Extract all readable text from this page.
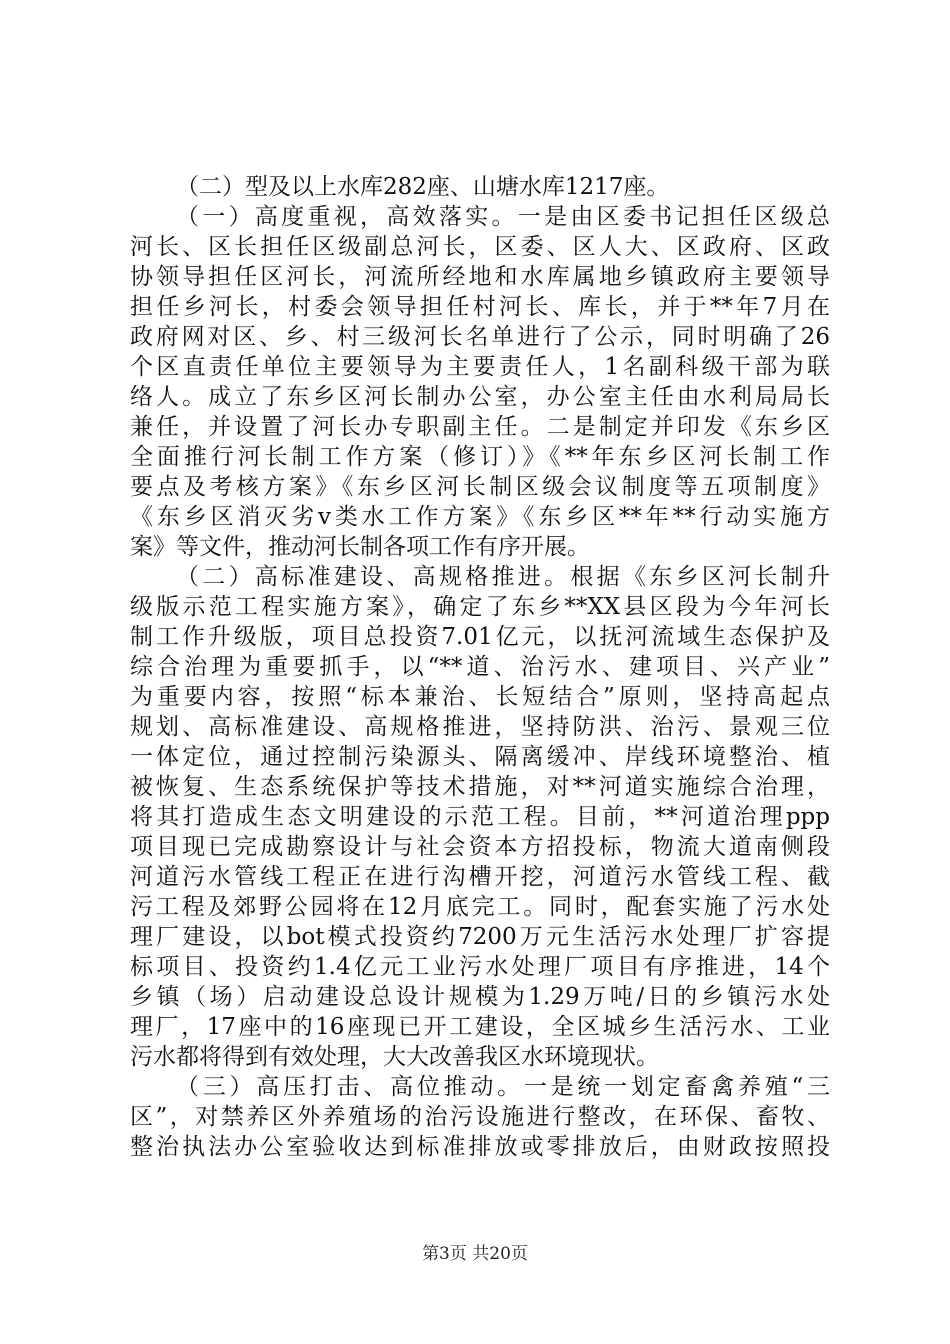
（二）型及以上水库282座、山塘水库1217座。
（一）高度重视，高效落实。一是由区委书记担任区级总
河长、区长担任区级副总河长，区委、区人大、区政府、区政
协领导担任区河长，河流所经地和水库属地乡镇政府主要领导
担任乡河长，村委会领导担任村河长、库长，并于**年7月在
政府网对区、乡、村三级河长名单进行了公示，同时明确了26
个区直责任单位主要领导为主要责任人，1名副科级干部为联
络人。成立了东乡区河长制办公室，办公室主任由水利局局长
兼任，并设置了河长办专职副主任。二是制定并印发《东乡区
全面推行河长制工作方案（修订）》《**年东乡区河长制工作
要点及考核方案》《东乡区河长制区级会议制度等五项制度》
《东乡区消灭劣v类水工作方案》《东乡区**年**行动实施方
案》等文件，推动河长制各项工作有序开展。
（二）高标准建设、高规格推进。根据《东乡区河长制升
级版示范工程实施方案》，确定了东乡**XX县区段为今年河长
制工作升级版，项目总投资7.01亿元，以抚河流域生态保护及
综合治理为重要抓手，以“**道、治污水、建项目、兴产业”
为重要内容，按照“标本兼治、长短结合”原则，坚持高起点
规划、高标准建设、高规格推进，坚持防洪、治污、景观三位
一体定位，通过控制污染源头、隔离缓冲、岸线环境整治、植
被恢复、生态系统保护等技术措施，对**河道实施综合治理，
将其打造成生态文明建设的示范工程。目前，**河道治理ppp
项目现已完成勘察设计与社会资本方招投标，物流大道南侧段
河道污水管线工程正在进行沟槽开挖，河道污水管线工程、截
污工程及郊野公园将在12月底完工。同时，配套实施了污水处
理厂建设，以bot模式投资约7200万元生活污水处理厂扩容提
标项目、投资约1.4亿元工业污水处理厂项目有序推进，14个
乡镇（场）启动建设总设计规模为1.29万吨/日的乡镇污水处
理厂，17座中的16座现已开工建设，全区城乡生活污水、工业
污水都将得到有效处理，大大改善我区水环境现状。
（三）高压打击、高位推动。一是统一划定畜禽养殖“三
区”，对禁养区外养殖场的治污设施进行整改，在环保、畜牧、
整治执法办公室验收达到标准排放或零排放后，由财政按照投
第3页 共20页
